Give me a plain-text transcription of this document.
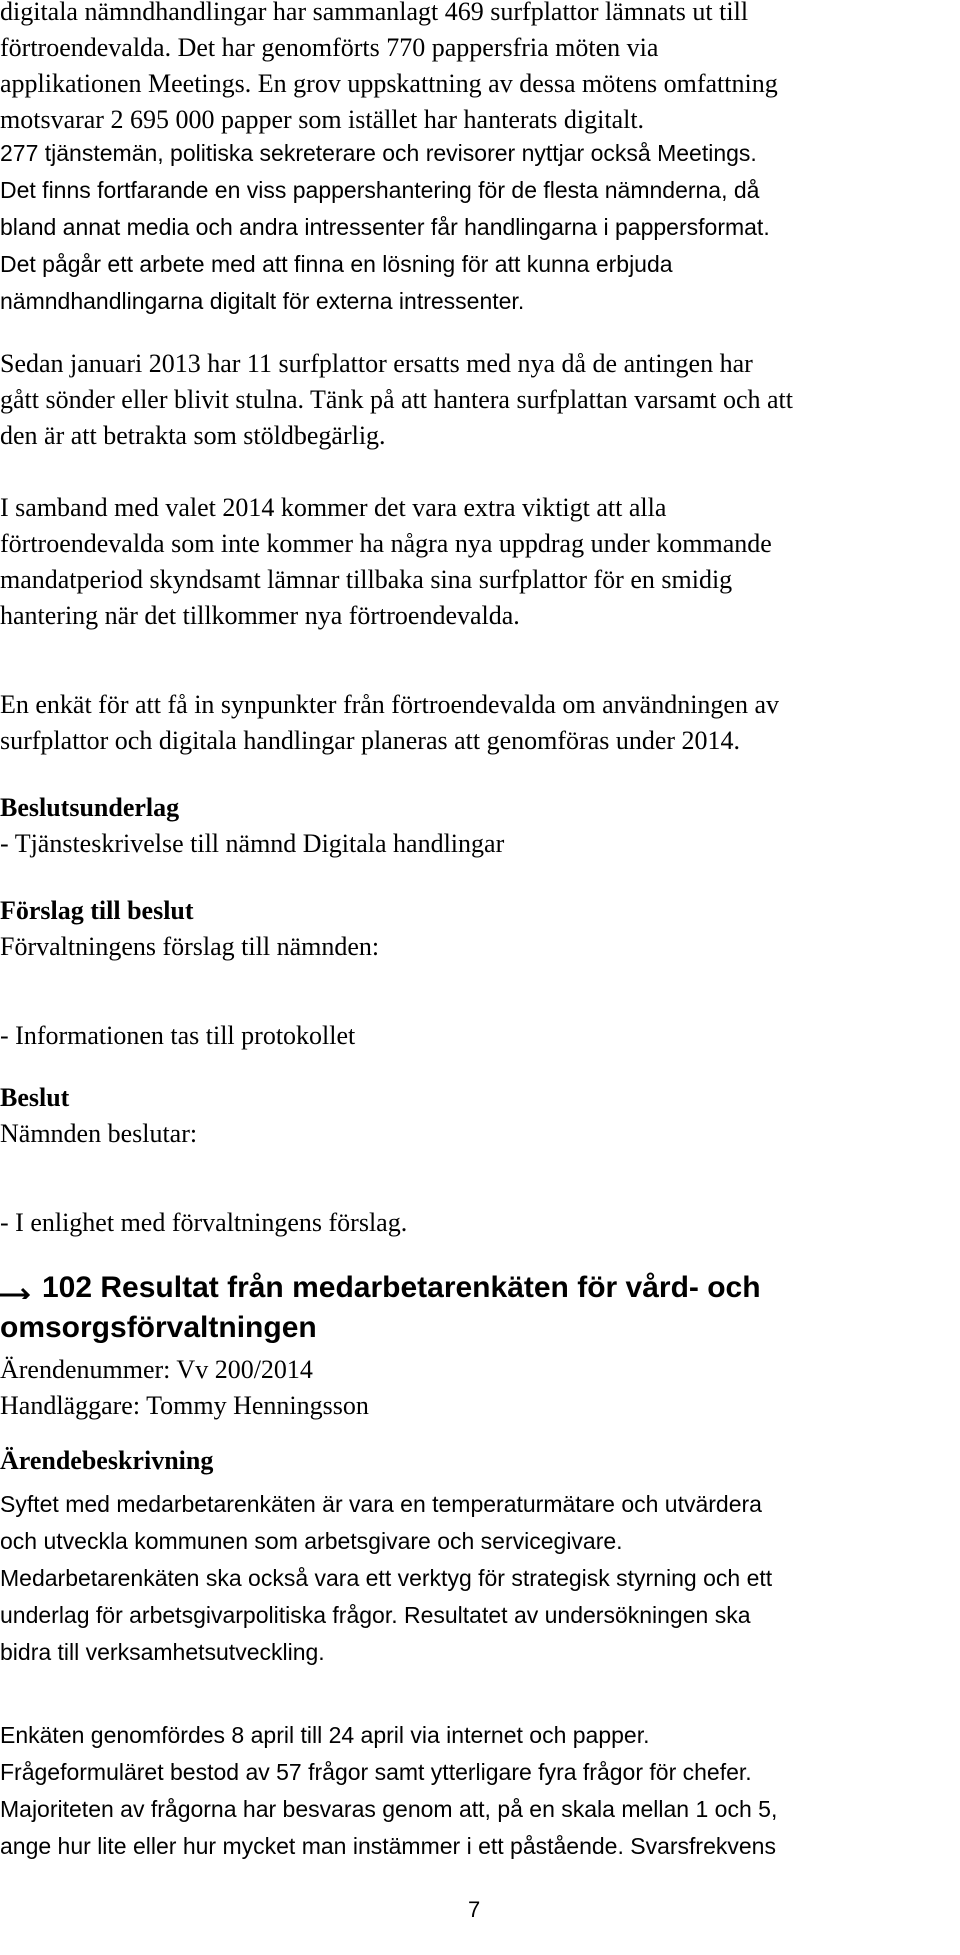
digitala nämndhandlingar har sammanlagt 469 surfplattor lämnats ut till

förtroendevalda. Det har genomförts 770 pappersfria möten via

applikationen Meetings. En grov uppskattning av dessa mötens omfattning

motsvarar 2 695 000 papper som istället har hanterats digitalt.

277 tjänstemän, politiska sekreterare och revisorer nyttjar också Meetings.

Det finns fortfarande en viss pappershantering för de flesta nämnderna, då

bland annat media och andra intressenter får handlingarna i pappersformat.

Det pågår ett arbete med att finna en lösning för att kunna erbjuda

nämndhandlingarna digitalt för externa intressenter.

Sedan januari 2013 har 11 surfplattor ersatts med nya då de antingen har

gått sönder eller blivit stulna. Tänk på att hantera surfplattan varsamt och att

den är att betrakta som stöldbegärlig.

I samband med valet 2014 kommer det vara extra viktigt att alla

förtroendevalda som inte kommer ha några nya uppdrag under kommande

mandatperiod skyndsamt lämnar tillbaka sina surfplattor för en smidig

hantering när det tillkommer nya förtroendevalda.

En enkät för att få in synpunkter från förtroendevalda om användningen av

surfplattor och digitala handlingar planeras att genomföras under 2014.

Beslutsunderlag

- Tjänsteskrivelse till nämnd Digitala handlingar

Förslag till beslut

Förvaltningens förslag till nämnden:

- Informationen tas till protokollet

Beslut

Nämnden beslutar:

- I enlighet med förvaltningens förslag.

102 Resultat från medarbetarenkäten för vård- och

omsorgsförvaltningen

Ärendenummer: Vv 200/2014

Handläggare: Tommy Henningsson

Ärendebeskrivning

Syftet med medarbetarenkäten är vara en temperaturmätare och utvärdera

och utveckla kommunen som arbetsgivare och servicegivare.

Medarbetarenkäten ska också vara ett verktyg för strategisk styrning och ett

underlag för arbetsgivarpolitiska frågor. Resultatet av undersökningen ska

bidra till verksamhetsutveckling.

Enkäten genomfördes 8 april till 24 april via internet och papper.

Frågeformuläret bestod av 57 frågor samt ytterligare fyra frågor för chefer.

Majoriteten av frågorna har besvaras genom att, på en skala mellan 1 och 5,

ange hur lite eller hur mycket man instämmer i ett påstående. Svarsfrekvens

7
